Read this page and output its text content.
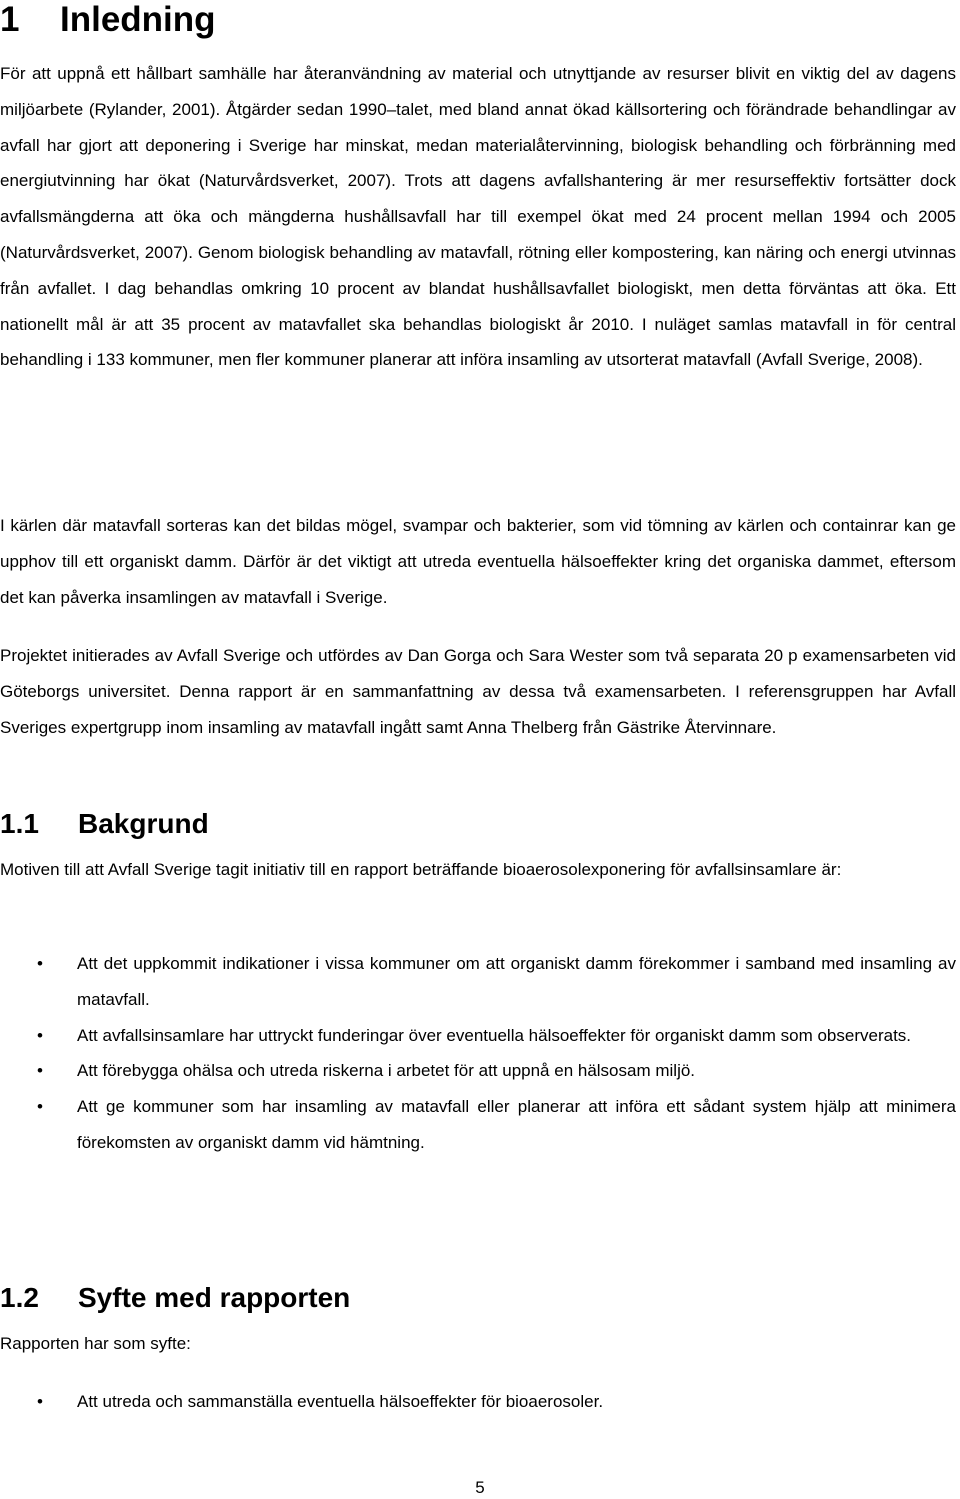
1 Inledning

För att uppnå ett hållbart samhälle har återanvändning av material och utnyttjande av resurser blivit en viktig del av dagens miljöarbete (Rylander, 2001). Åtgärder sedan 1990–talet, med bland annat ökad källsortering och förändrade behandlingar av avfall har gjort att deponering i Sverige har minskat, medan materialåtervinning, biologisk behandling och förbränning med energiutvinning har ökat (Naturvårdsverket, 2007). Trots att dagens avfallshantering är mer resurseffektiv fortsätter dock avfallsmängderna att öka och mängderna hushållsavfall har till exempel ökat med 24 procent mellan 1994 och 2005 (Naturvårdsverket, 2007). Genom biologisk behandling av matavfall, rötning eller kompostering, kan näring och energi utvinnas från avfallet. I dag behandlas omkring 10 procent av blandat hushållsavfallet biologiskt, men detta förväntas att öka. Ett nationellt mål är att 35 procent av matavfallet ska behandlas biologiskt år 2010. I nuläget samlas matavfall in för central behandling i 133 kommuner, men fler kommuner planerar att införa insamling av utsorterat matavfall (Avfall Sverige, 2008).

I kärlen där matavfall sorteras kan det bildas mögel, svampar och bakterier, som vid tömning av kärlen och containrar kan ge upphov till ett organiskt damm. Därför är det viktigt att utreda eventuella hälsoeffekter kring det organiska dammet, eftersom det kan påverka insamlingen av matavfall i Sverige.

Projektet initierades av Avfall Sverige och utfördes av Dan Gorga och Sara Wester som två separata 20 p examensarbeten vid Göteborgs universitet. Denna rapport är en sammanfattning av dessa två examensarbeten. I referensgruppen har Avfall Sveriges expertgrupp inom insamling av matavfall ingått samt Anna Thelberg från Gästrike Återvinnare.

1.1 Bakgrund

Motiven till att Avfall Sverige tagit initiativ till en rapport beträffande bioaerosolexponering för avfallsinsamlare är:

• Att det uppkommit indikationer i vissa kommuner om att organiskt damm förekommer i samband med insamling av matavfall.
• Att avfallsinsamlare har uttryckt funderingar över eventuella hälsoeffekter för organiskt damm som observerats.
• Att förebygga ohälsa och utreda riskerna i arbetet för att uppnå en hälsosam miljö.
• Att ge kommuner som har insamling av matavfall eller planerar att införa ett sådant system hjälp att minimera förekomsten av organiskt damm vid hämtning.
1.2 Syfte med rapporten

Rapporten har som syfte:

• Att utreda och sammanställa eventuella hälsoeffekter för bioaerosoler.
5
